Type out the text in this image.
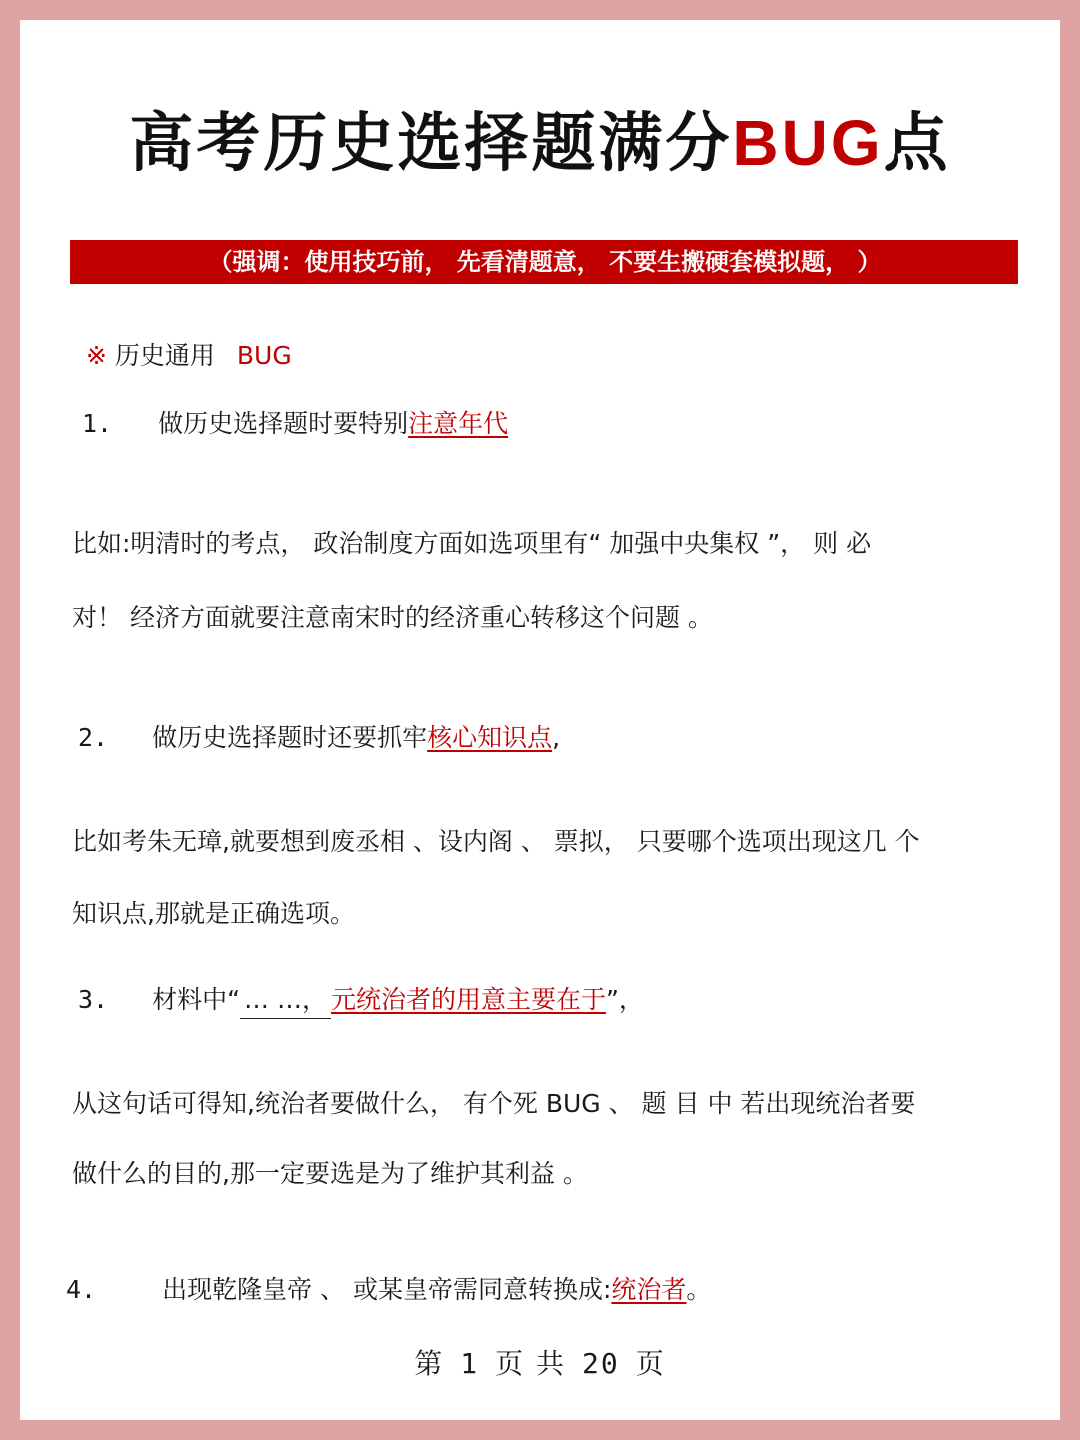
高考历史选择题满分BUG点
（强调：使用技巧前， 先看清题意， 不要生搬硬套模拟题， ）
※ 历史通用 BUG
1. 做历史选择题时要特别注意年代
比如:明清时的考点， 政治制度方面如选项里有“ 加强中央集权 ”， 则 必
对！ 经济方面就要注意南宋时的经济重心转移这个问题 。
2. 做历史选择题时还要抓牢核心知识点,
比如考朱无璋,就要想到废丞相 、设内阁 、 票拟， 只要哪个选项出现这几 个
知识点,那就是正确选项。
3. 材料中“ … …， 元统治者的用意主要在于”，
从这句话可得知,统治者要做什么， 有个死 BUG 、 题 目 中 若出现统治者要
做什么的目的,那一定要选是为了维护其利益 。
4.	出现乾隆皇帝 、 或某皇帝需同意转换成:统治者。
第 1 页 共 20 页
